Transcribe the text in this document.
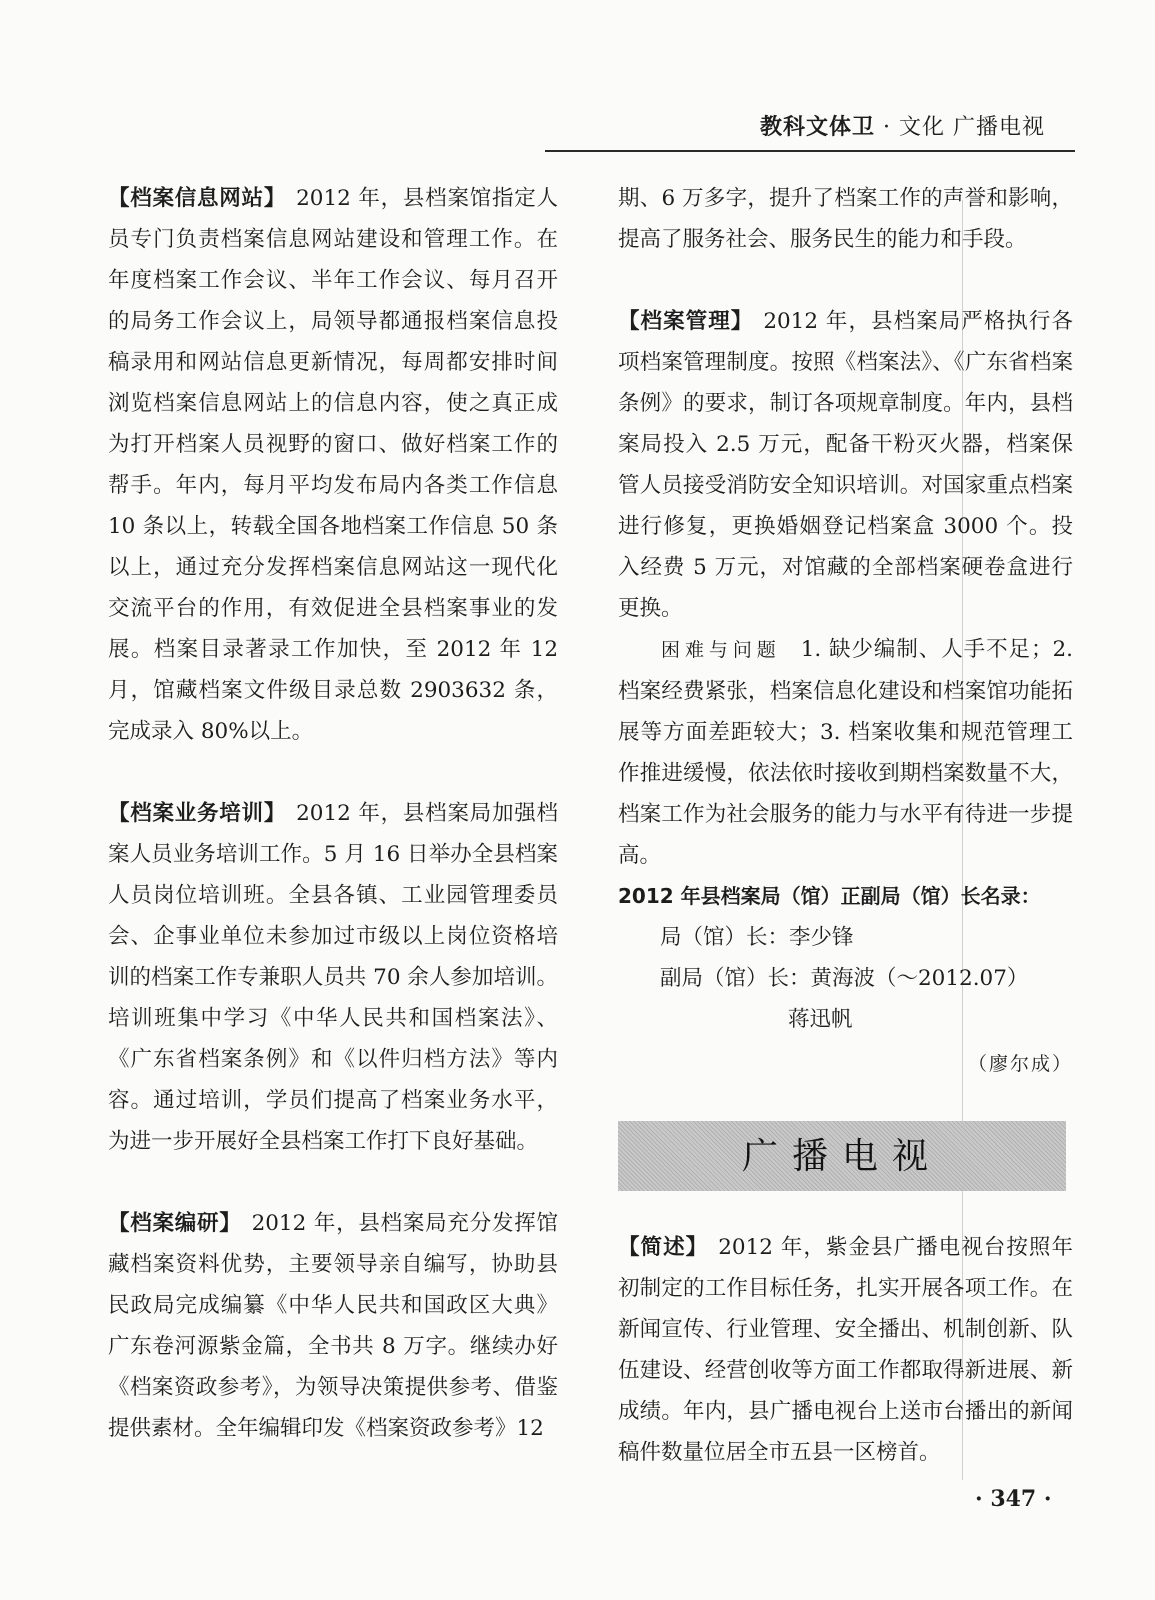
教科文体卫 · 文化 广播电视

【档案信息网站】 2012 年，县档案馆指定人员专门负责档案信息网站建设和管理工作。在年度档案工作会议、半年工作会议、每月召开的局务工作会议上，局领导都通报档案信息投稿录用和网站信息更新情况，每周都安排时间浏览档案信息网站上的信息内容，使之真正成为打开档案人员视野的窗口、做好档案工作的帮手。年内，每月平均发布局内各类工作信息 10 条以上，转载全国各地档案工作信息 50 条以上，通过充分发挥档案信息网站这一现代化交流平台的作用，有效促进全县档案事业的发展。档案目录著录工作加快，至 2012 年 12 月，馆藏档案文件级目录总数 2903632 条，完成录入 80%以上。

【档案业务培训】 2012 年，县档案局加强档案人员业务培训工作。5 月 16 日举办全县档案人员岗位培训班。全县各镇、工业园管理委员会、企事业单位未参加过市级以上岗位资格培训的档案工作专兼职人员共 70 余人参加培训。培训班集中学习《中华人民共和国档案法》、《广东省档案条例》和《以件归档方法》等内容。通过培训，学员们提高了档案业务水平，为进一步开展好全县档案工作打下良好基础。

【档案编研】 2012 年，县档案局充分发挥馆藏档案资料优势，主要领导亲自编写，协助县民政局完成编纂《中华人民共和国政区大典》广东卷河源紫金篇，全书共 8 万字。继续办好《档案资政参考》，为领导决策提供参考、借鉴提供素材。全年编辑印发《档案资政参考》12

期、6 万多字，提升了档案工作的声誉和影响，提高了服务社会、服务民生的能力和手段。

【档案管理】 2012 年，县档案局严格执行各项档案管理制度。按照《档案法》、《广东省档案条例》的要求，制订各项规章制度。年内，县档案局投入 2.5 万元，配备干粉灭火器，档案保管人员接受消防安全知识培训。对国家重点档案进行修复，更换婚姻登记档案盒 3000 个。投入经费 5 万元，对馆藏的全部档案硬卷盒进行更换。

困难与问题 1. 缺少编制、人手不足；2. 档案经费紧张，档案信息化建设和档案馆功能拓展等方面差距较大；3. 档案收集和规范管理工作推进缓慢，依法依时接收到期档案数量不大，档案工作为社会服务的能力与水平有待进一步提高。

2012 年县档案局（馆）正副局（馆）长名录：

局（馆）长：李少锋

副局（馆）长：黄海波（～2012.07）

蒋迅帆

（廖尔成）

广播电视

【简述】 2012 年，紫金县广播电视台按照年初制定的工作目标任务，扎实开展各项工作。在新闻宣传、行业管理、安全播出、机制创新、队伍建设、经营创收等方面工作都取得新进展、新成绩。年内，县广播电视台上送市台播出的新闻稿件数量位居全市五县一区榜首。

· 347 ·
